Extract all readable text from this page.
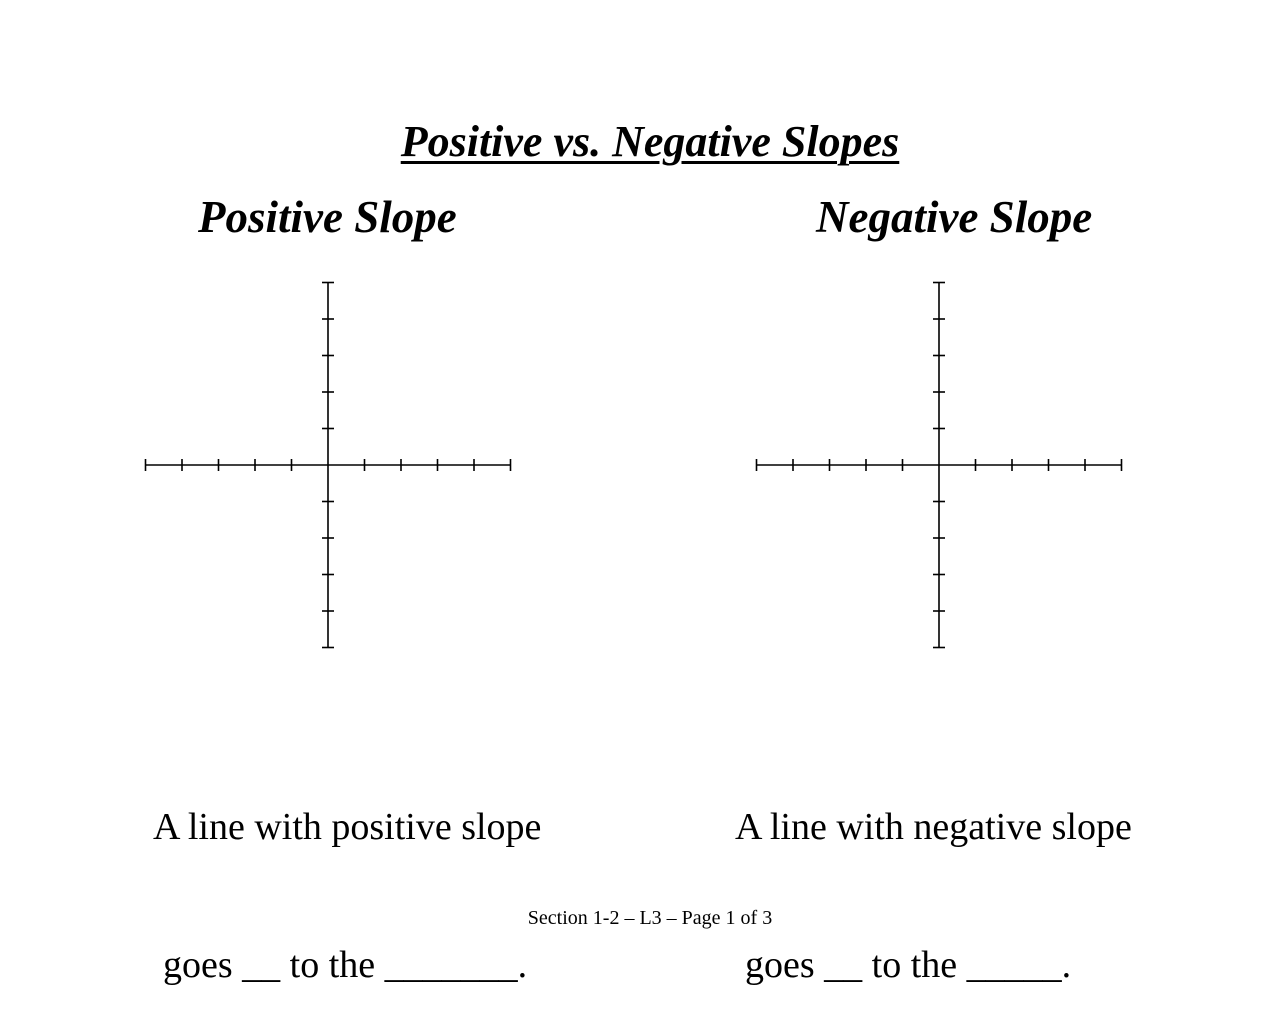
Positive vs. Negative Slopes
Positive Slope	Negative Slope

A line with positive slope

goes __ to the _______.

A line with negative slope

goes __ to the _____.

Section 1-2 – L3 – Page 1 of 3
